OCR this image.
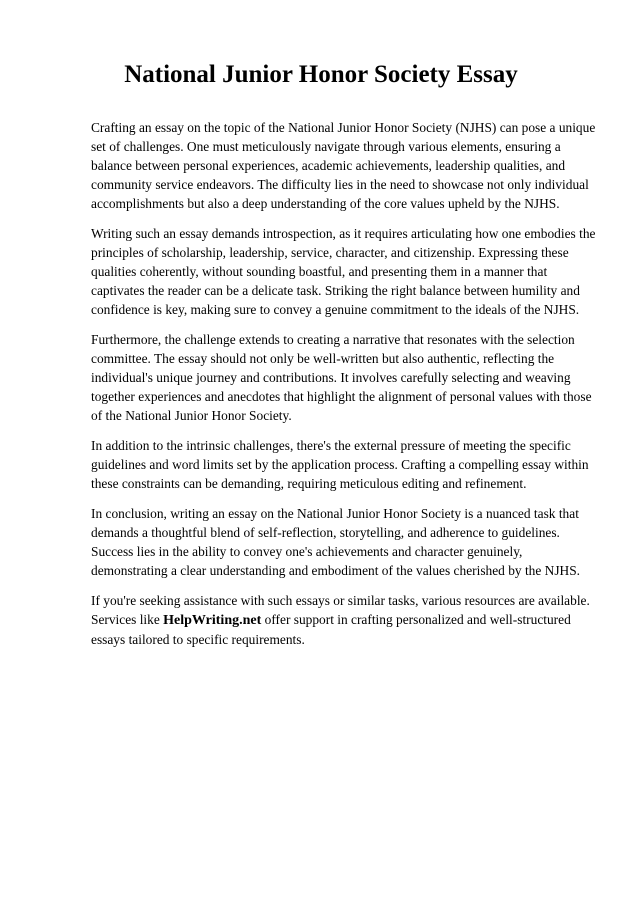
National Junior Honor Society Essay

Crafting an essay on the topic of the National Junior Honor Society (NJHS) can pose a unique set of challenges. One must meticulously navigate through various elements, ensuring a balance between personal experiences, academic achievements, leadership qualities, and community service endeavors. The difficulty lies in the need to showcase not only individual accomplishments but also a deep understanding of the core values upheld by the NJHS.

Writing such an essay demands introspection, as it requires articulating how one embodies the principles of scholarship, leadership, service, character, and citizenship. Expressing these qualities coherently, without sounding boastful, and presenting them in a manner that captivates the reader can be a delicate task. Striking the right balance between humility and confidence is key, making sure to convey a genuine commitment to the ideals of the NJHS.

Furthermore, the challenge extends to creating a narrative that resonates with the selection committee. The essay should not only be well-written but also authentic, reflecting the individual's unique journey and contributions. It involves carefully selecting and weaving together experiences and anecdotes that highlight the alignment of personal values with those of the National Junior Honor Society.

In addition to the intrinsic challenges, there's the external pressure of meeting the specific guidelines and word limits set by the application process. Crafting a compelling essay within these constraints can be demanding, requiring meticulous editing and refinement.

In conclusion, writing an essay on the National Junior Honor Society is a nuanced task that demands a thoughtful blend of self-reflection, storytelling, and adherence to guidelines. Success lies in the ability to convey one's achievements and character genuinely, demonstrating a clear understanding and embodiment of the values cherished by the NJHS.

If you're seeking assistance with such essays or similar tasks, various resources are available. Services like HelpWriting.net offer support in crafting personalized and well-structured essays tailored to specific requirements.
